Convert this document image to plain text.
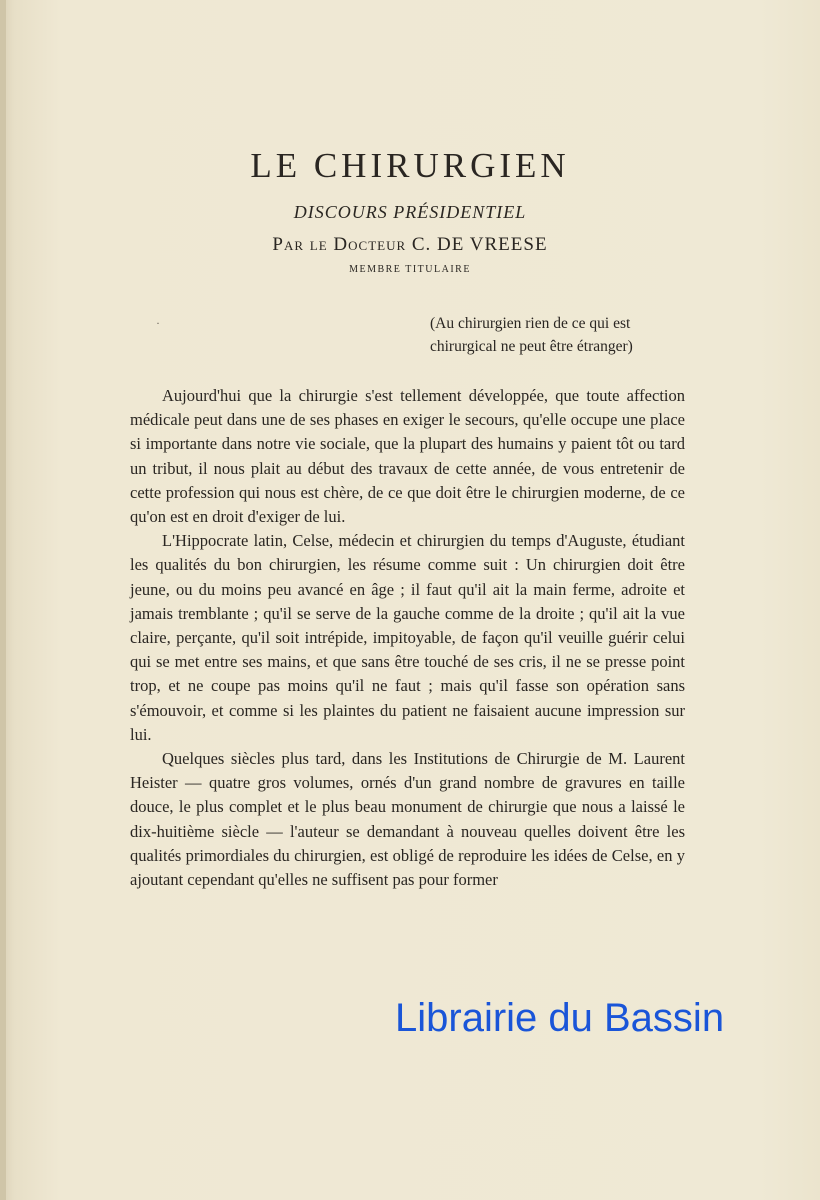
LE CHIRURGIEN
DISCOURS PRÉSIDENTIEL
Par le Docteur C. DE VREESE
MEMBRE TITULAIRE
·	(Au chirurgien rien de ce qui est
chirurgical ne peut être étranger)

Aujourd'hui que la chirurgie s'est tellement développée, que toute affection médicale peut dans une de ses phases en exiger le secours, qu'elle occupe une place si importante dans notre vie sociale, que la plupart des humains y paient tôt ou tard un tribut, il nous plait au début des travaux de cette année, de vous entretenir de cette profession qui nous est chère, de ce que doit être le chirurgien moderne, de ce qu'on est en droit d'exiger de lui.

L'Hippocrate latin, Celse, médecin et chirurgien du temps d'Auguste, étudiant les qualités du bon chirurgien, les résume comme suit : Un chirurgien doit être jeune, ou du moins peu avancé en âge ; il faut qu'il ait la main ferme, adroite et jamais tremblante ; qu'il se serve de la gauche comme de la droite ; qu'il ait la vue claire, perçante, qu'il soit intrépide, impitoyable, de façon qu'il veuille guérir celui qui se met entre ses mains, et que sans être touché de ses cris, il ne se presse point trop, et ne coupe pas moins qu'il ne faut ; mais qu'il fasse son opération sans s'émouvoir, et comme si les plaintes du patient ne faisaient aucune impression sur lui.

Quelques siècles plus tard, dans les Institutions de Chirurgie de M. Laurent Heister — quatre gros volumes, ornés d'un grand nombre de gravures en taille douce, le plus complet et le plus beau monument de chirurgie que nous a laissé le dix-huitième siècle — l'auteur se demandant à nouveau quelles doivent être les qualités primordiales du chirurgien, est obligé de reproduire les idées de Celse, en y ajoutant cependant qu'elles ne suffisent pas pour former

Librairie du Bassin
